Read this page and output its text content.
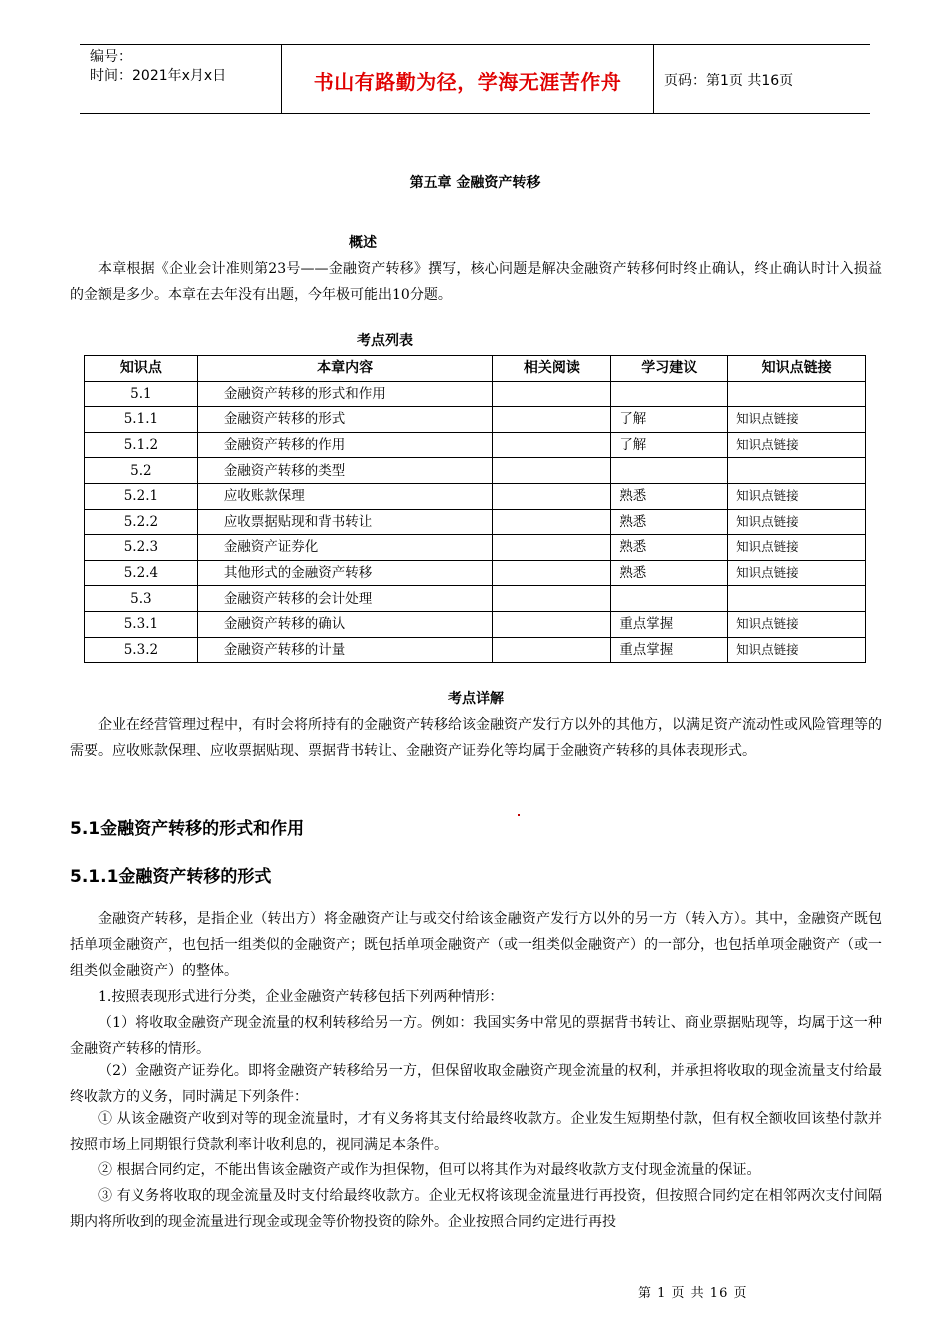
编号：
时间：2021年x月x日	书山有路勤为径，学海无涯苦作舟	页码：第1页 共16页
第五章 金融资产转移
概述
本章根据《企业会计准则第23号——金融资产转移》撰写，核心问题是解决金融资产转移何时终止确认，终止确认时计入损益的金额是多少。本章在去年没有出题，今年极可能出10分题。
考点列表
知识点	本章内容	相关阅读	学习建议	知识点链接
5.1	金融资产转移的形式和作用			
5.1.1	金融资产转移的形式		了解	知识点链接
5.1.2	金融资产转移的作用		了解	知识点链接
5.2	金融资产转移的类型			
5.2.1	应收账款保理		熟悉	知识点链接
5.2.2	应收票据贴现和背书转让		熟悉	知识点链接
5.2.3	金融资产证券化		熟悉	知识点链接
5.2.4	其他形式的金融资产转移		熟悉	知识点链接
5.3	金融资产转移的会计处理			
5.3.1	金融资产转移的确认		重点掌握	知识点链接
5.3.2	金融资产转移的计量		重点掌握	知识点链接
考点详解
企业在经营管理过程中，有时会将所持有的金融资产转移给该金融资产发行方以外的其他方，以满足资产流动性或风险管理等的需要。应收账款保理、应收票据贴现、票据背书转让、金融资产证券化等均属于金融资产转移的具体表现形式。
5.1金融资产转移的形式和作用
5.1.1金融资产转移的形式
金融资产转移，是指企业（转出方）将金融资产让与或交付给该金融资产发行方以外的另一方（转入方）。其中，金融资产既包括单项金融资产，也包括一组类似的金融资产；既包括单项金融资产（或一组类似金融资产）的一部分，也包括单项金融资产（或一组类似金融资产）的整体。
1.按照表现形式进行分类，企业金融资产转移包括下列两种情形：
（1）将收取金融资产现金流量的权利转移给另一方。例如：我国实务中常见的票据背书转让、商业票据贴现等，均属于这一种金融资产转移的情形。
（2）金融资产证券化。即将金融资产转移给另一方，但保留收取金融资产现金流量的权利，并承担将收取的现金流量支付给最终收款方的义务，同时满足下列条件：
① 从该金融资产收到对等的现金流量时，才有义务将其支付给最终收款方。企业发生短期垫付款，但有权全额收回该垫付款并按照市场上同期银行贷款利率计收利息的，视同满足本条件。
② 根据合同约定，不能出售该金融资产或作为担保物，但可以将其作为对最终收款方支付现金流量的保证。
③ 有义务将收取的现金流量及时支付给最终收款方。企业无权将该现金流量进行再投资，但按照合同约定在相邻两次支付间隔期内将所收到的现金流量进行现金或现金等价物投资的除外。企业按照合同约定进行再投
第 1 页 共 16 页
